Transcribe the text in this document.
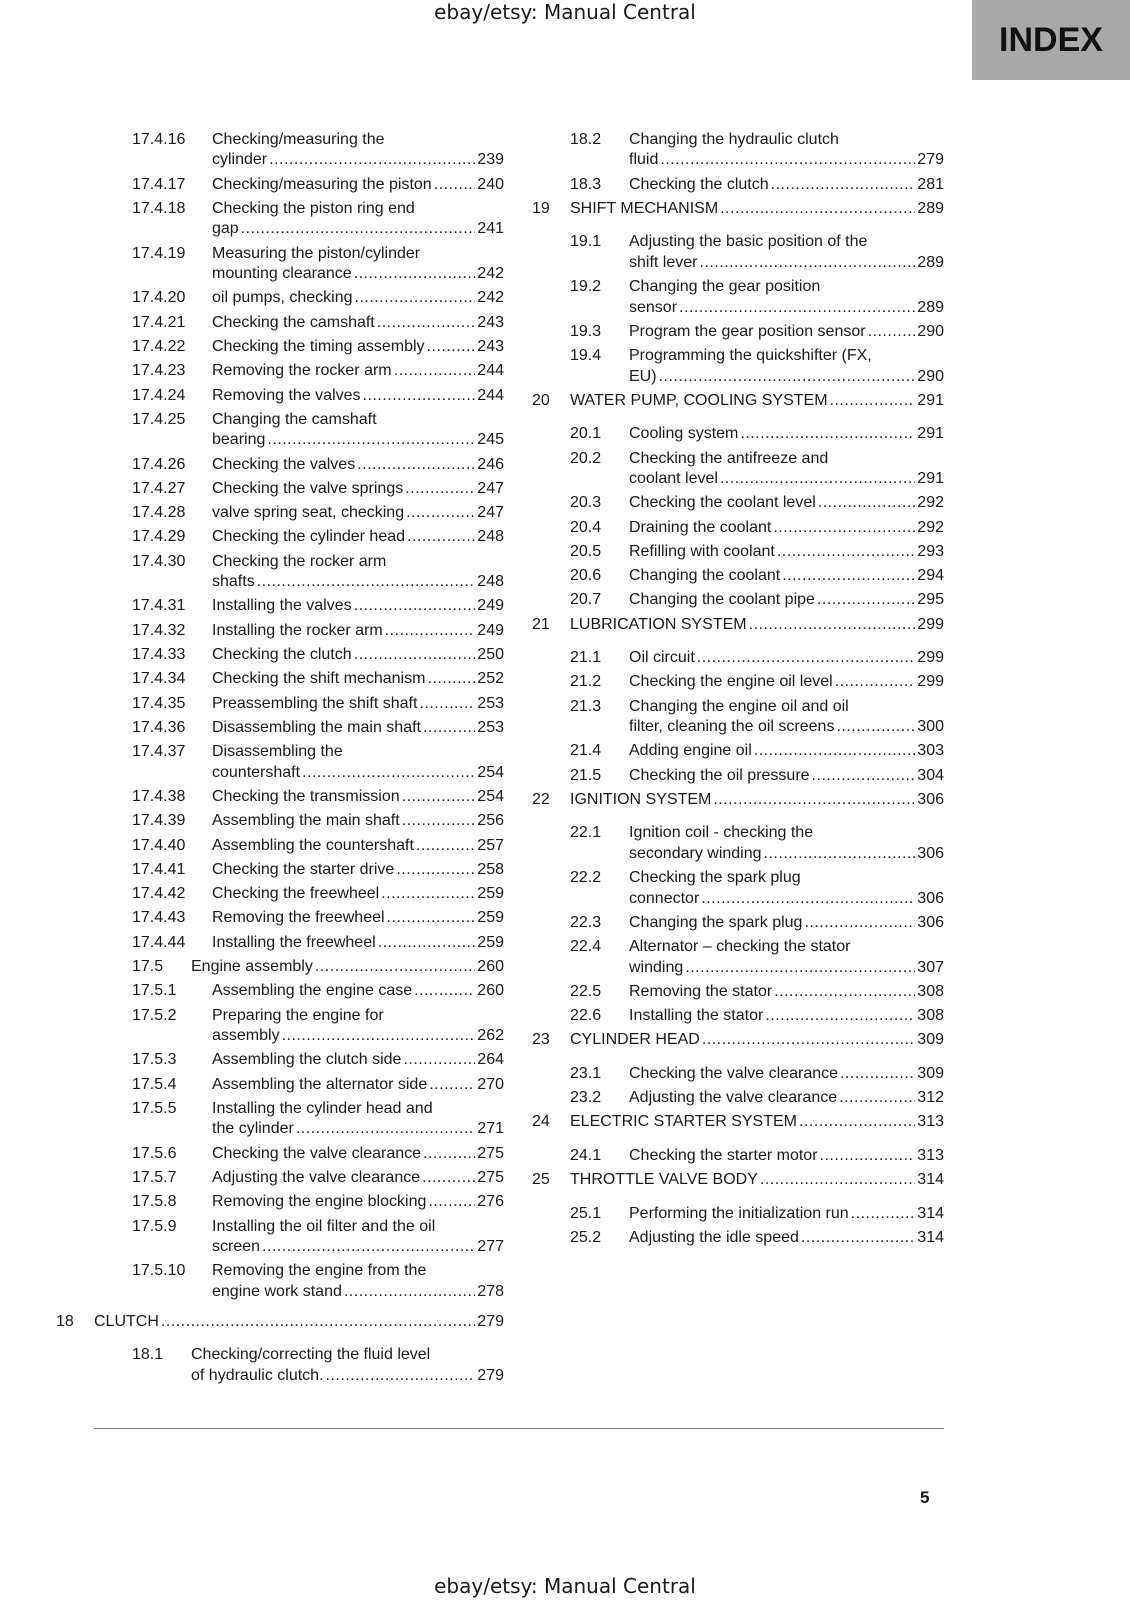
ebay/etsy: Manual Central
INDEX
17.4.16 Checking/measuring the
cylinder .....	239
17.4.17 Checking/measuring the piston .....	240
17.4.18 Checking the piston ring end
gap .....	241
17.4.19 Measuring the piston/cylinder
mounting clearance .....	242
17.4.20 oil pumps, checking .....	242
17.4.21 Checking the camshaft .....	243
17.4.22 Checking the timing assembly .....	243
17.4.23 Removing the rocker arm .....	244
17.4.24 Removing the valves .....	244
17.4.25 Changing the camshaft
bearing .....	245
17.4.26 Checking the valves .....	246
17.4.27 Checking the valve springs .....	247
17.4.28 valve spring seat, checking .....	247
17.4.29 Checking the cylinder head .....	248
17.4.30 Checking the rocker arm
shafts .....	248
17.4.31 Installing the valves .....	249
17.4.32 Installing the rocker arm .....	249
17.4.33 Checking the clutch .....	250
17.4.34 Checking the shift mechanism .....	252
17.4.35 Preassembling the shift shaft .....	253
17.4.36 Disassembling the main shaft .....	253
17.4.37 Disassembling the
countershaft .....	254
17.4.38 Checking the transmission .....	254
17.4.39 Assembling the main shaft .....	256
17.4.40 Assembling the countershaft .....	257
17.4.41 Checking the starter drive .....	258
17.4.42 Checking the freewheel .....	259
17.4.43 Removing the freewheel .....	259
17.4.44 Installing the freewheel .....	259
17.5 Engine assembly .....	260
17.5.1 Assembling the engine case .....	260
17.5.2 Preparing the engine for
assembly .....	262
17.5.3 Assembling the clutch side .....	264
17.5.4 Assembling the alternator side .....	270
17.5.5 Installing the cylinder head and
the cylinder .....	271
17.5.6 Checking the valve clearance .....	275
17.5.7 Adjusting the valve clearance .....	275
17.5.8 Removing the engine blocking .....	276
17.5.9 Installing the oil filter and the oil
screen .....	277
17.5.10 Removing the engine from the
engine work stand .....	278
18 CLUTCH .....	279
18.1 Checking/correcting the fluid level
of hydraulic clutch. .....	279
18.2 Changing the hydraulic clutch
fluid .....	279
18.3 Checking the clutch .....	281
19 SHIFT MECHANISM .....	289
19.1 Adjusting the basic position of the
shift lever .....	289
19.2 Changing the gear position
sensor .....	289
19.3 Program the gear position sensor .....	290
19.4 Programming the quickshifter (FX,
EU) .....	290
20 WATER PUMP, COOLING SYSTEM .....	291
20.1 Cooling system .....	291
20.2 Checking the antifreeze and
coolant level .....	291
20.3 Checking the coolant level .....	292
20.4 Draining the coolant .....	292
20.5 Refilling with coolant .....	293
20.6 Changing the coolant .....	294
20.7 Changing the coolant pipe .....	295
21 LUBRICATION SYSTEM .....	299
21.1 Oil circuit .....	299
21.2 Checking the engine oil level .....	299
21.3 Changing the engine oil and oil
filter, cleaning the oil screens .....	300
21.4 Adding engine oil .....	303
21.5 Checking the oil pressure .....	304
22 IGNITION SYSTEM .....	306
22.1 Ignition coil - checking the
secondary winding .....	306
22.2 Checking the spark plug
connector .....	306
22.3 Changing the spark plug .....	306
22.4 Alternator – checking the stator
winding .....	307
22.5 Removing the stator .....	308
22.6 Installing the stator .....	308
23 CYLINDER HEAD .....	309
23.1 Checking the valve clearance .....	309
23.2 Adjusting the valve clearance .....	312
24 ELECTRIC STARTER SYSTEM .....	313
24.1 Checking the starter motor .....	313
25 THROTTLE VALVE BODY .....	314
25.1 Performing the initialization run .....	314
25.2 Adjusting the idle speed .....	314
5
ebay/etsy: Manual Central
